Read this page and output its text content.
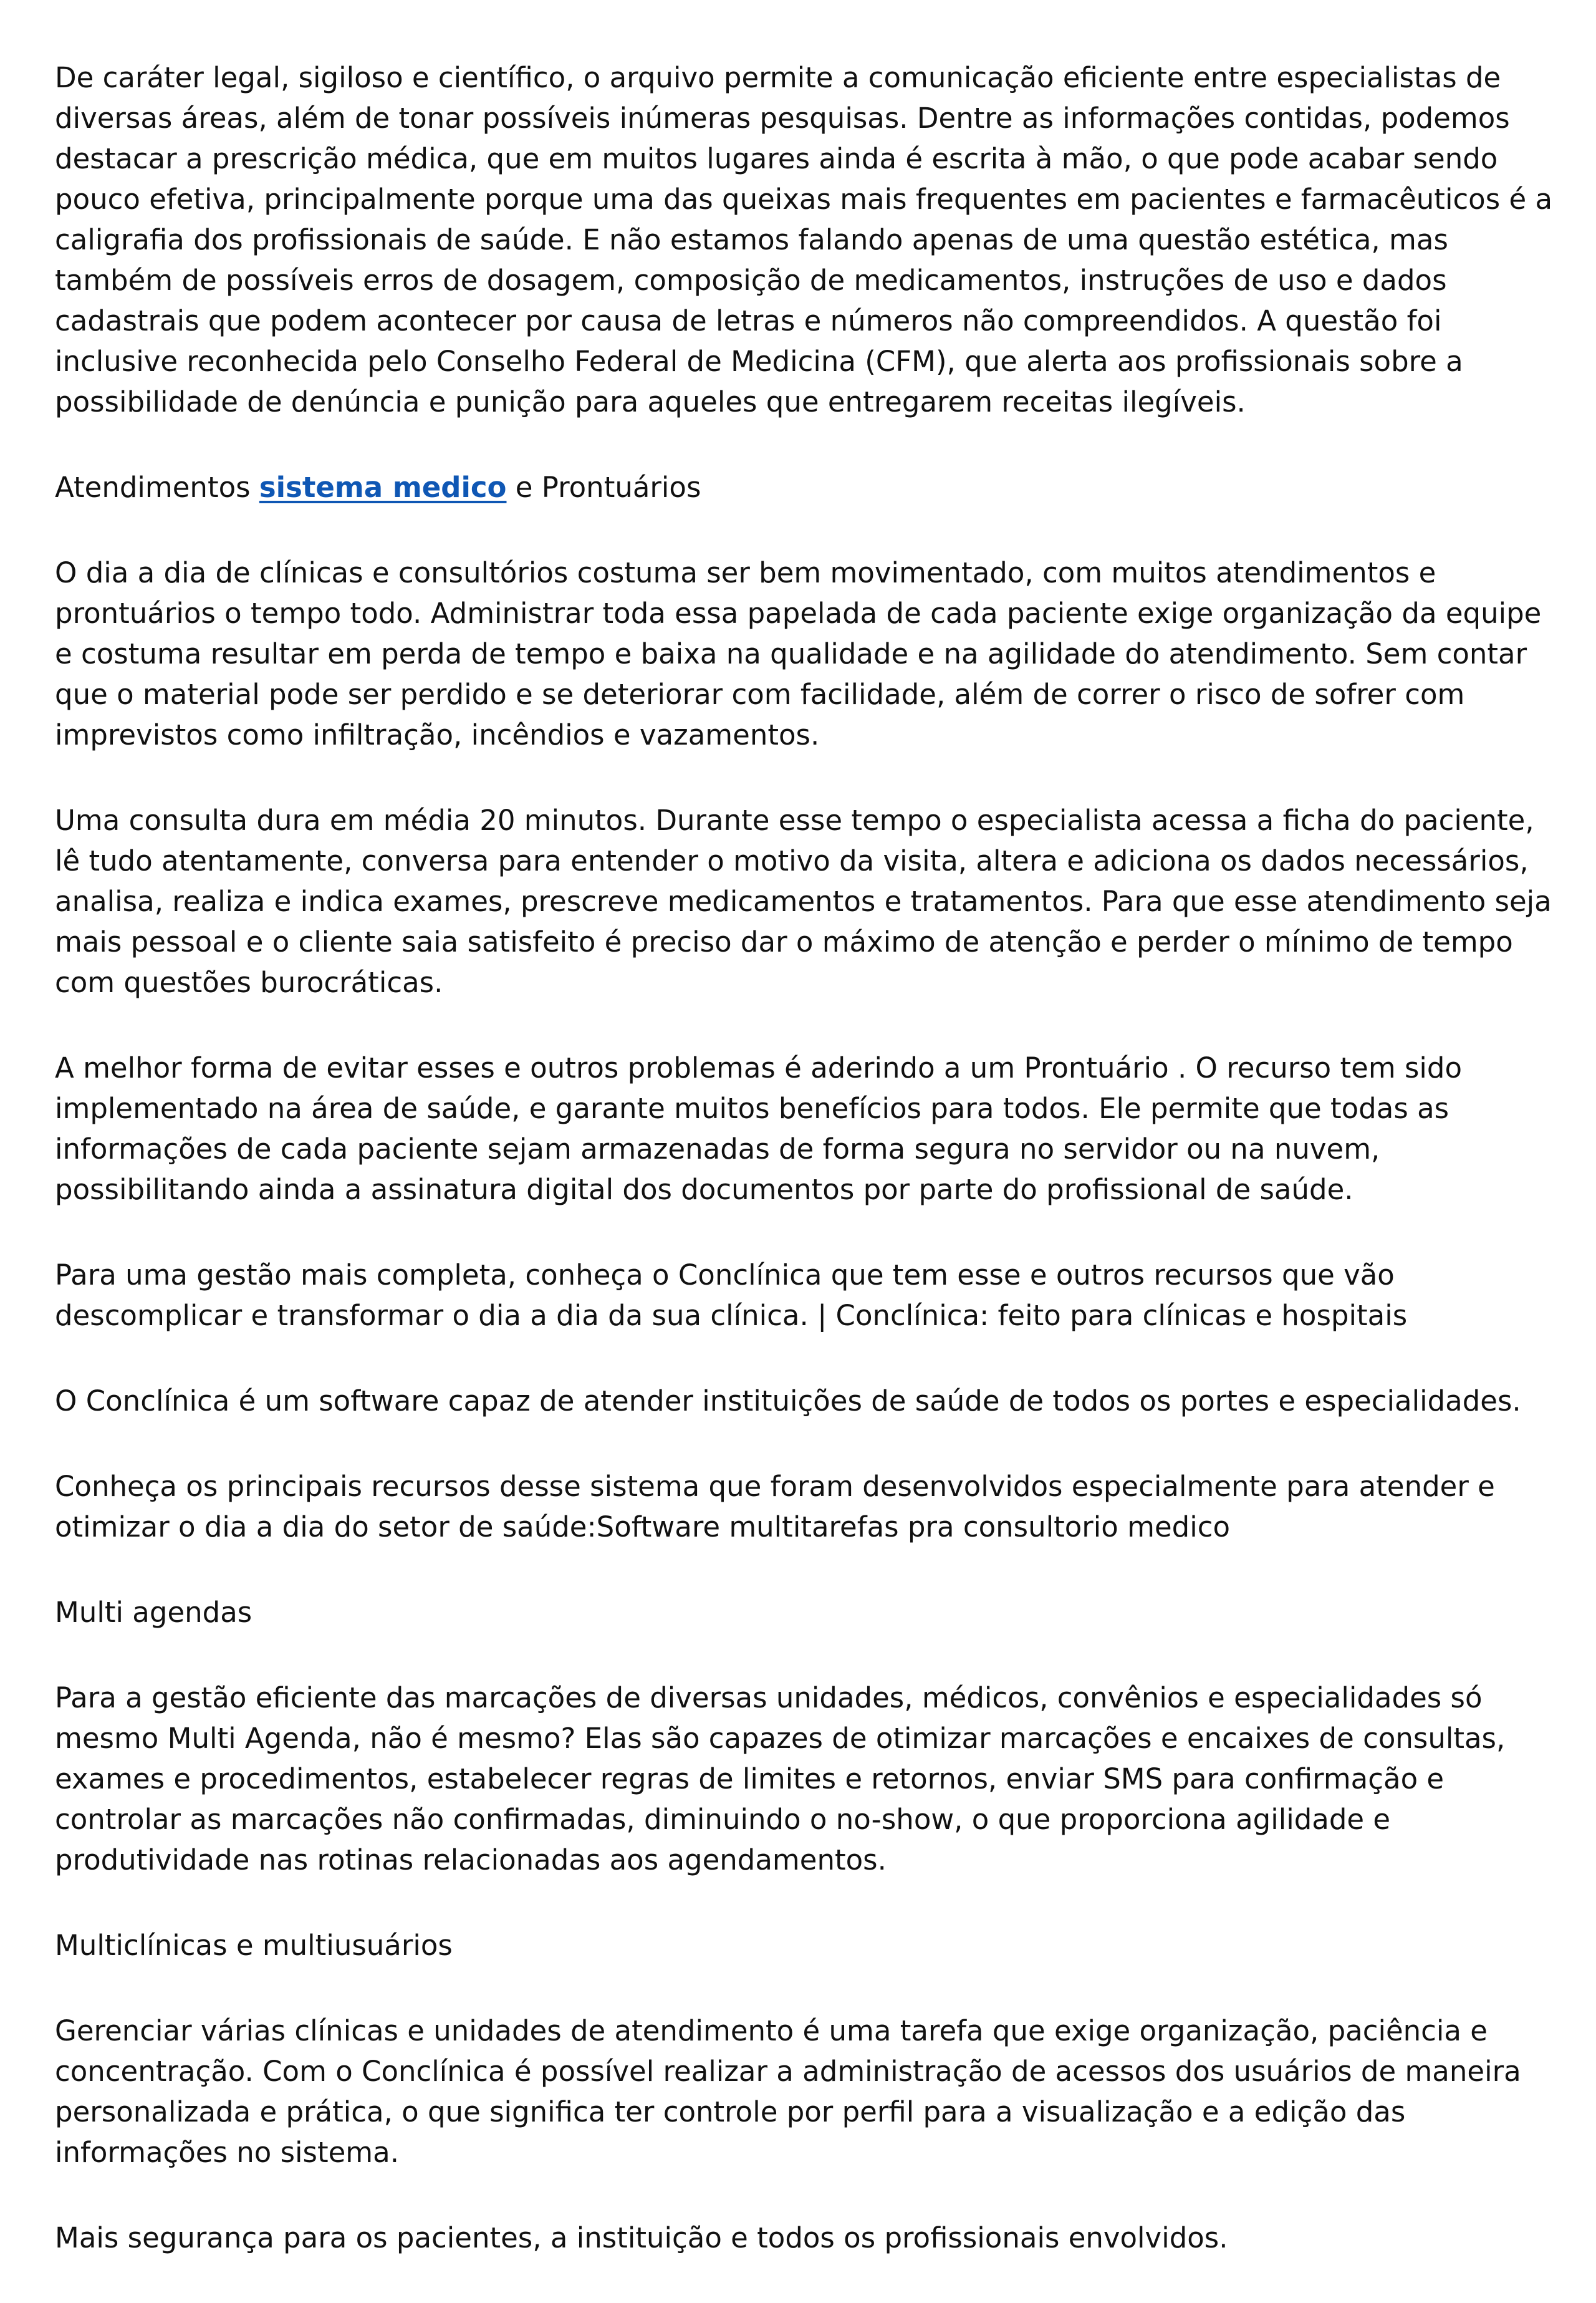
De caráter legal, sigiloso e científico, o arquivo permite a comunicação eficiente entre especialistas de diversas áreas, além de tonar possíveis inúmeras pesquisas. Dentre as informações contidas, podemos destacar a prescrição médica, que em muitos lugares ainda é escrita à mão, o que pode acabar sendo pouco efetiva, principalmente porque uma das queixas mais frequentes em pacientes e farmacêuticos é a caligrafia dos profissionais de saúde. E não estamos falando apenas de uma questão estética, mas também de possíveis erros de dosagem, composição de medicamentos, instruções de uso e dados cadastrais que podem acontecer por causa de letras e números não compreendidos. A questão foi inclusive reconhecida pelo Conselho Federal de Medicina (CFM), que alerta aos profissionais sobre a possibilidade de denúncia e punição para aqueles que entregarem receitas ilegíveis.

Atendimentos sistema medico e Prontuários

O dia a dia de clínicas e consultórios costuma ser bem movimentado, com muitos atendimentos e prontuários o tempo todo. Administrar toda essa papelada de cada paciente exige organização da equipe e costuma resultar em perda de tempo e baixa na qualidade e na agilidade do atendimento. Sem contar que o material pode ser perdido e se deteriorar com facilidade, além de correr o risco de sofrer com imprevistos como infiltração, incêndios e vazamentos.

Uma consulta dura em média 20 minutos. Durante esse tempo o especialista acessa a ficha do paciente, lê tudo atentamente, conversa para entender o motivo da visita, altera e adiciona os dados necessários, analisa, realiza e indica exames, prescreve medicamentos e tratamentos. Para que esse atendimento seja mais pessoal e o cliente saia satisfeito é preciso dar o máximo de atenção e perder o mínimo de tempo com questões burocráticas.

A melhor forma de evitar esses e outros problemas é aderindo a um Prontuário . O recurso tem sido implementado na área de saúde, e garante muitos benefícios para todos. Ele permite que todas as informações de cada paciente sejam armazenadas de forma segura no servidor ou na nuvem, possibilitando ainda a assinatura digital dos documentos por parte do profissional de saúde.

Para uma gestão mais completa, conheça o Conclínica que tem esse e outros recursos que vão descomplicar e transformar o dia a dia da sua clínica. | Conclínica: feito para clínicas e hospitais

O Conclínica é um software capaz de atender instituições de saúde de todos os portes e especialidades.

Conheça os principais recursos desse sistema que foram desenvolvidos especialmente para atender e otimizar o dia a dia do setor de saúde:Software multitarefas pra consultorio medico

Multi agendas

Para a gestão eficiente das marcações de diversas unidades, médicos, convênios e especialidades só mesmo Multi Agenda, não é mesmo? Elas são capazes de otimizar marcações e encaixes de consultas, exames e procedimentos, estabelecer regras de limites e retornos, enviar SMS para confirmação e controlar as marcações não confirmadas, diminuindo o no-show, o que proporciona agilidade e produtividade nas rotinas relacionadas aos agendamentos.

Multiclínicas e multiusuários

Gerenciar várias clínicas e unidades de atendimento é uma tarefa que exige organização, paciência e concentração. Com o Conclínica é possível realizar a administração de acessos dos usuários de maneira personalizada e prática, o que significa ter controle por perfil para a visualização e a edição das informações no sistema.

Mais segurança para os pacientes, a instituição e todos os profissionais envolvidos.
